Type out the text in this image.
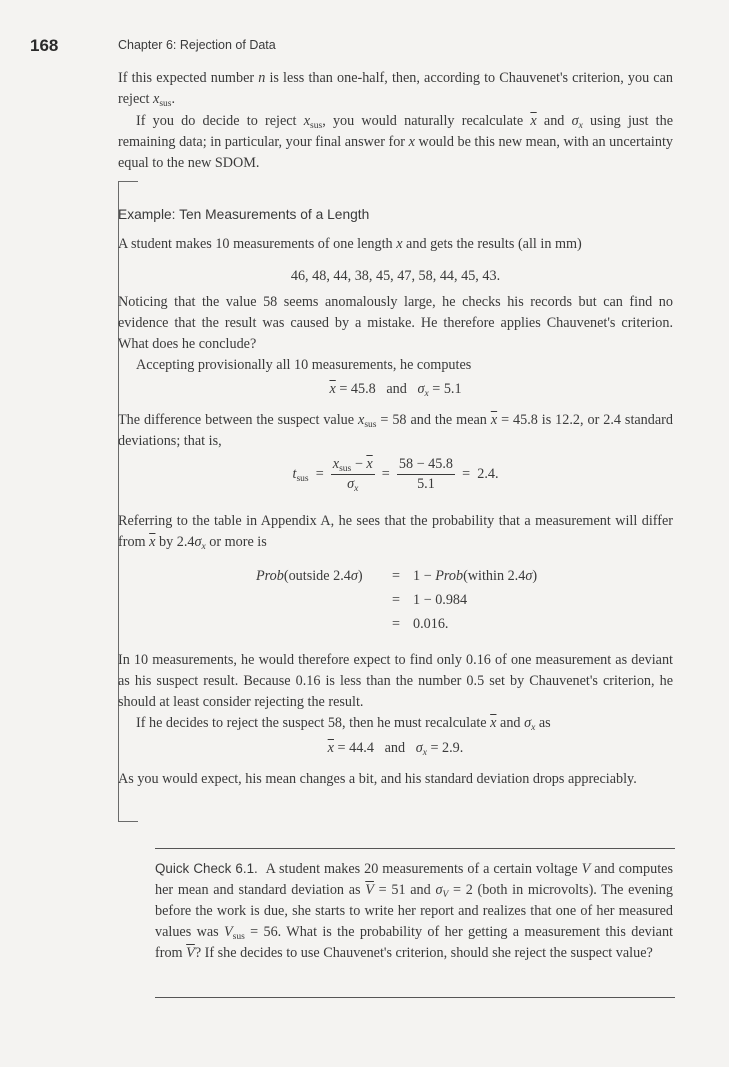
168	Chapter 6: Rejection of Data

If this expected number n is less than one-half, then, according to Chauvenet's criterion, you can reject $x_{sus}$.

If you do decide to reject $x_{sus}$, you would naturally recalculate $\overline{x}$ and $\sigma_x$ using just the remaining data; in particular, your final answer for x would be this new mean, with an uncertainty equal to the new SDOM.

Example: Ten Measurements of a Length

A student makes 10 measurements of one length x and gets the results (all in mm)

46, 48, 44, 38, 45, 47, 58, 44, 45, 43.

Noticing that the value 58 seems anomalously large, he checks his records but can find no evidence that the result was caused by a mistake. He therefore applies Chauvenet's criterion. What does he conclude?

Accepting provisionally all 10 measurements, he computes

$\overline{x} = 45.8$ and $\sigma_x = 5.1$

The difference between the suspect value $x_{sus} = 58$ and the mean $\overline{x} = 45.8$ is 12.2, or 2.4 standard deviations; that is,

$t_{sus} = \frac{x_{sus} - \overline{x}}{\sigma_x} = \frac{58 - 45.8}{5.1} = 2.4$.

Referring to the table in Appendix A, he sees that the probability that a measurement will differ from $\overline{x}$ by $2.4\sigma_x$ or more is

Prob(outside 2.4σ) = 1 − Prob(within 2.4σ)
= 1 − 0.984
= 0.016.

In 10 measurements, he would therefore expect to find only 0.16 of one measurement as deviant as his suspect result. Because 0.16 is less than the number 0.5 set by Chauvenet's criterion, he should at least consider rejecting the result.

If he decides to reject the suspect 58, then he must recalculate $\overline{x}$ and $\sigma_x$ as

$\overline{x} = 44.4$ and $\sigma_x = 2.9$.

As you would expect, his mean changes a bit, and his standard deviation drops appreciably.

Quick Check 6.1.  A student makes 20 measurements of a certain voltage V and computes her mean and standard deviation as $\overline{V} = 51$ and $\sigma_V = 2$ (both in microvolts). The evening before the work is due, she starts to write her report and realizes that one of her measured values was $V_{sus} = 56$. What is the probability of her getting a measurement this deviant from $\overline{V}$? If she decides to use Chauvenet's criterion, should she reject the suspect value?
